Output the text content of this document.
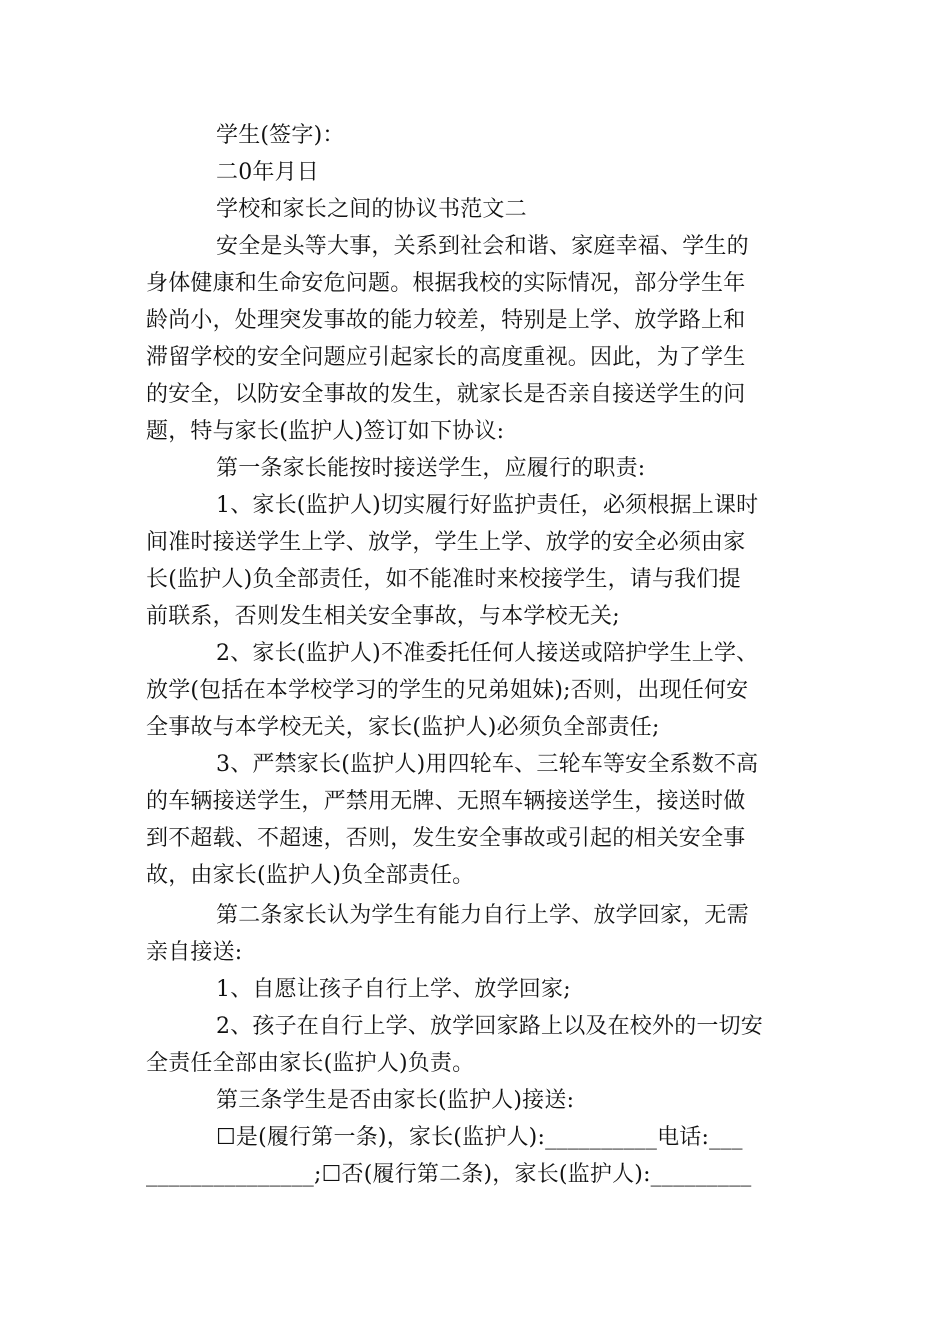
学生(签字)：
二0年月日
学校和家长之间的协议书范文二
安全是头等大事，关系到社会和谐、家庭幸福、学生的
身体健康和生命安危问题。根据我校的实际情况，部分学生年
龄尚小，处理突发事故的能力较差，特别是上学、放学路上和
滞留学校的安全问题应引起家长的高度重视。因此，为了学生
的安全，以防安全事故的发生，就家长是否亲自接送学生的问
题，特与家长(监护人)签订如下协议:
第一条家长能按时接送学生，应履行的职责:
1、家长(监护人)切实履行好监护责任，必须根据上课时
间准时接送学生上学、放学，学生上学、放学的安全必须由家
长(监护人)负全部责任，如不能准时来校接学生，请与我们提
前联系，否则发生相关安全事故，与本学校无关;
2、家长(监护人)不准委托任何人接送或陪护学生上学、
放学(包括在本学校学习的学生的兄弟姐妹);否则，出现任何安
全事故与本学校无关，家长(监护人)必须负全部责任;
3、严禁家长(监护人)用四轮车、三轮车等安全系数不高
的车辆接送学生，严禁用无牌、无照车辆接送学生，接送时做
到不超载、不超速，否则，发生安全事故或引起的相关安全事
故，由家长(监护人)负全部责任。
第二条家长认为学生有能力自行上学、放学回家，无需
亲自接送:
1、自愿让孩子自行上学、放学回家;
2、孩子在自行上学、放学回家路上以及在校外的一切安
全责任全部由家长(监护人)负责。
第三条学生是否由家长(监护人)接送:
☐是(履行第一条)，家长(监护人):__________电话:___
_______________;☐否(履行第二条)，家长(监护人):_________
